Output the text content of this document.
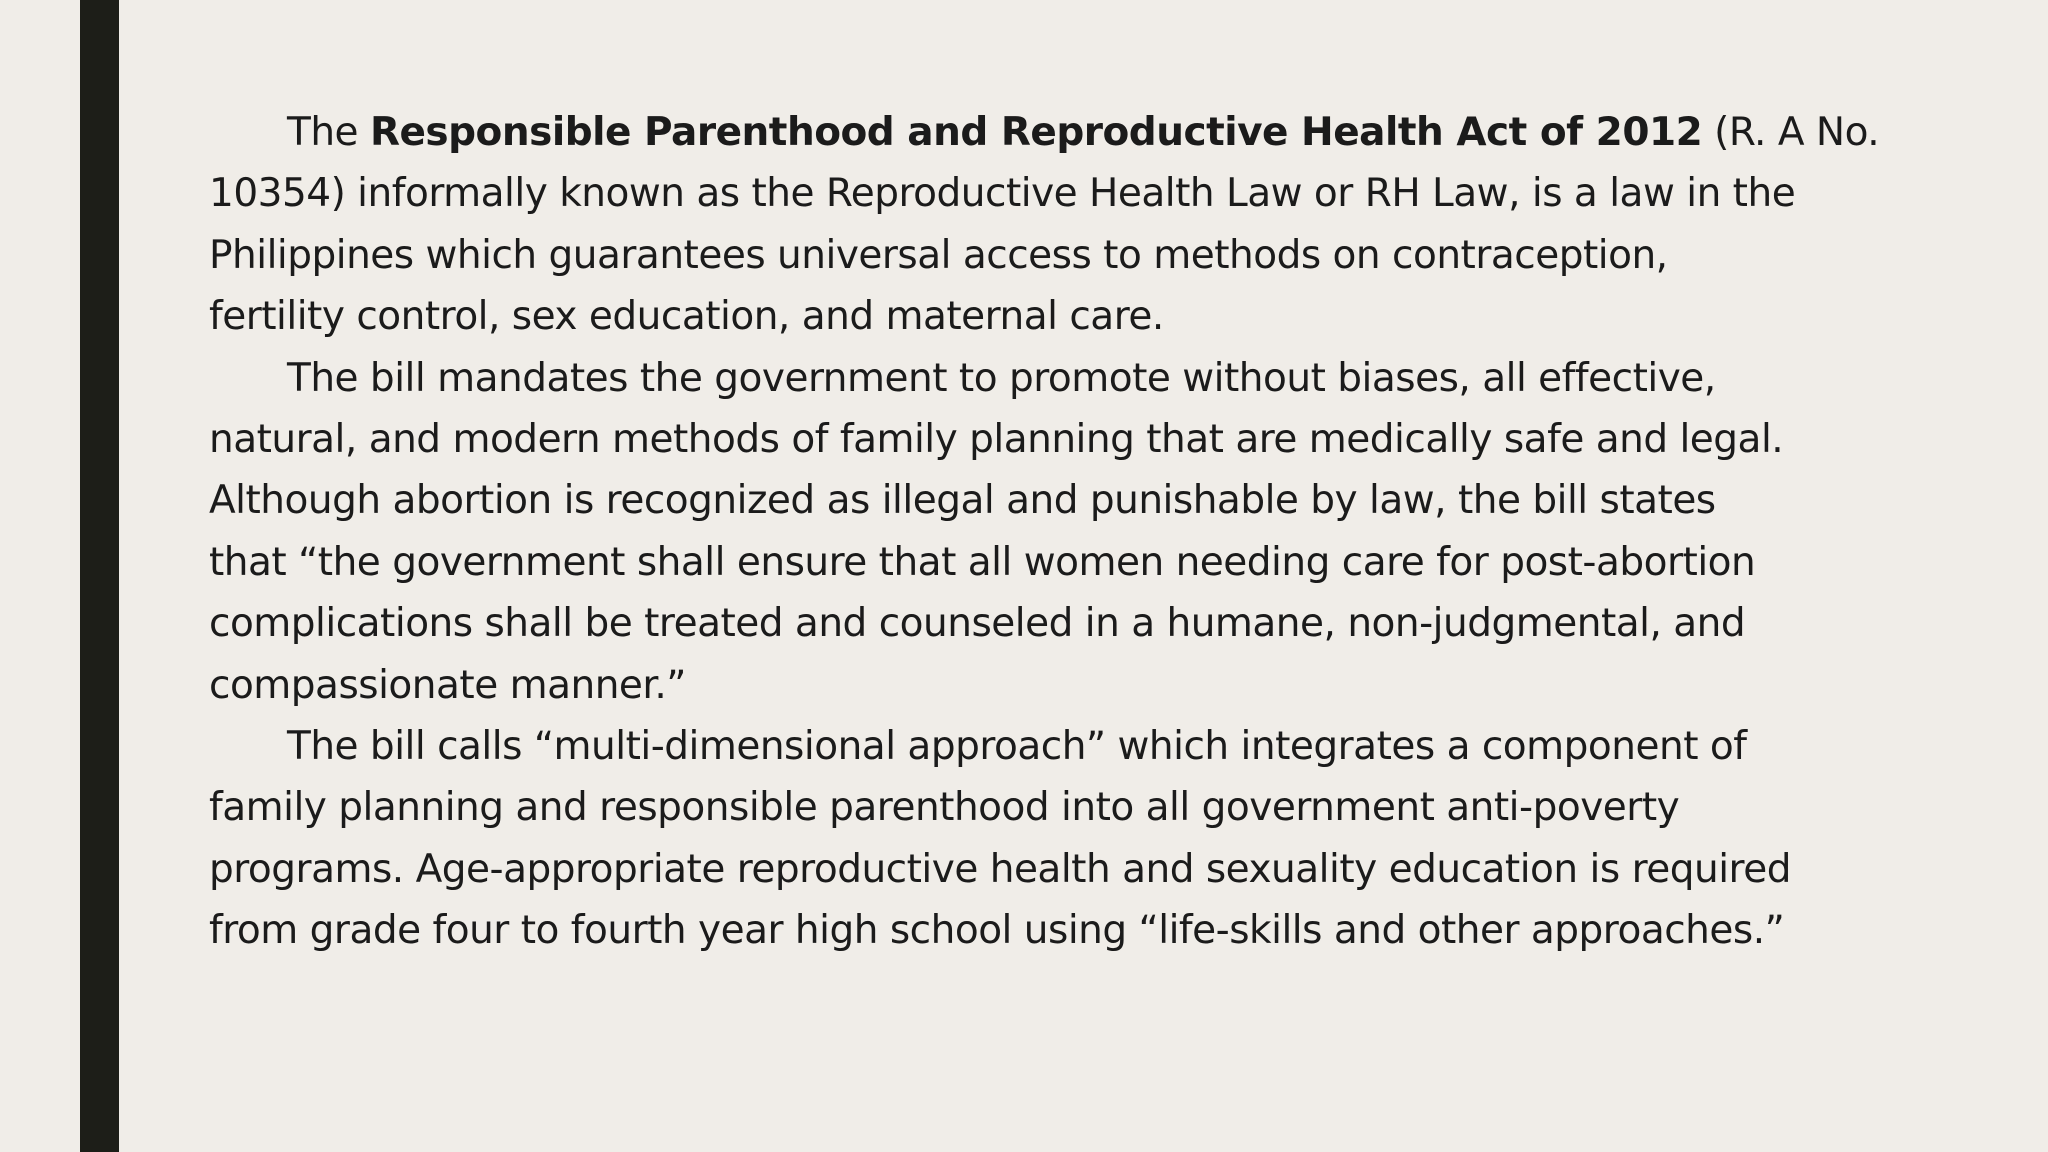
The Responsible Parenthood and Reproductive Health Act of 2012 (R. A No.
10354) informally known as the Reproductive Health Law or RH Law, is a law in the
Philippines which guarantees universal access to methods on contraception,
fertility control, sex education, and maternal care.
The bill mandates the government to promote without biases, all effective,
natural, and modern methods of family planning that are medically safe and legal.
Although abortion is recognized as illegal and punishable by law, the bill states
that “the government shall ensure that all women needing care for post-abortion
complications shall be treated and counseled in a humane, non-judgmental, and
compassionate manner.”
The bill calls “multi-dimensional approach” which integrates a component of
family planning and responsible parenthood into all government anti-poverty
programs. Age-appropriate reproductive health and sexuality education is required
from grade four to fourth year high school using “life-skills and other approaches.”
